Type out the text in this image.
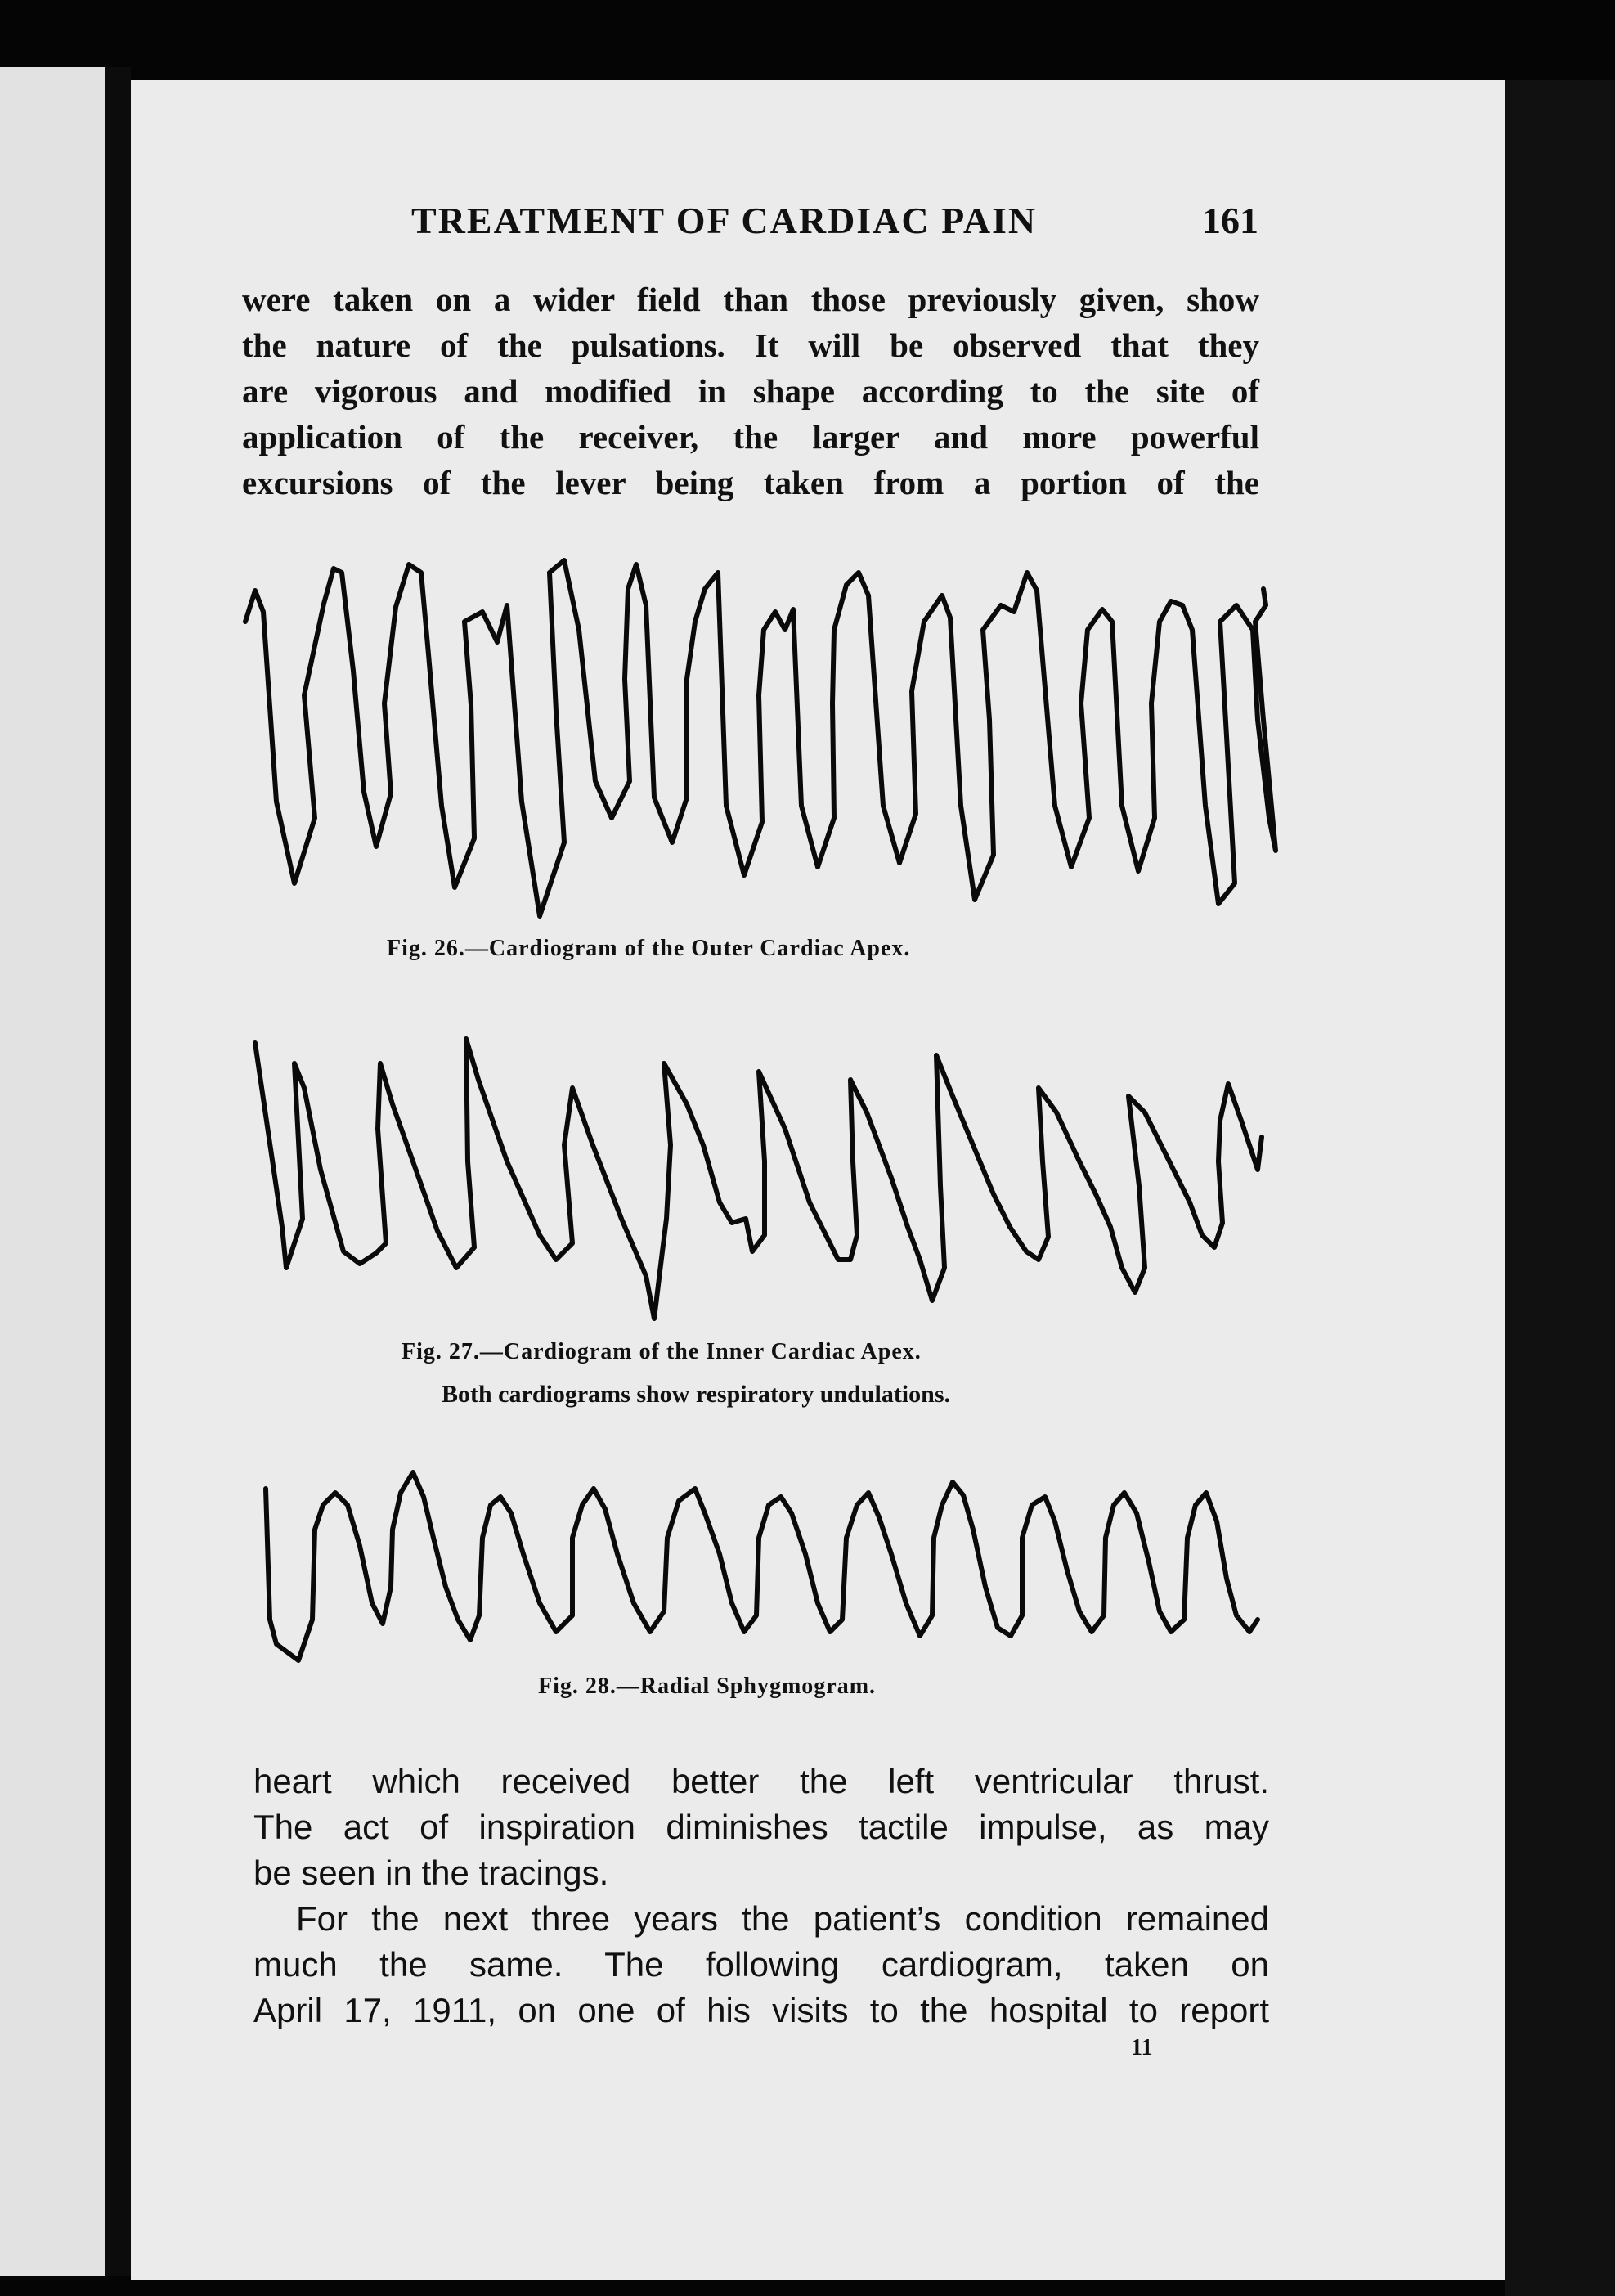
TREATMENT OF CARDIAC PAIN	161
were taken on a wider field than those previously given, show
the nature of the pulsations. It will be observed that they
are vigorous and modified in shape according to the site of
application of the receiver, the larger and more powerful
excursions of the lever being taken from a portion of the
Fig. 26.—Cardiogram of the Outer Cardiac Apex.
Fig. 27.—Cardiogram of the Inner Cardiac Apex.
Both cardiograms show respiratory undulations.
Fig. 28.—Radial Sphygmogram.
heart which received better the left ventricular thrust.
The act of inspiration diminishes tactile impulse, as may
be seen in the tracings.
For the next three years the patient’s condition remained
much the same. The following cardiogram, taken on
April 17, 1911, on one of his visits to the hospital to report
11
